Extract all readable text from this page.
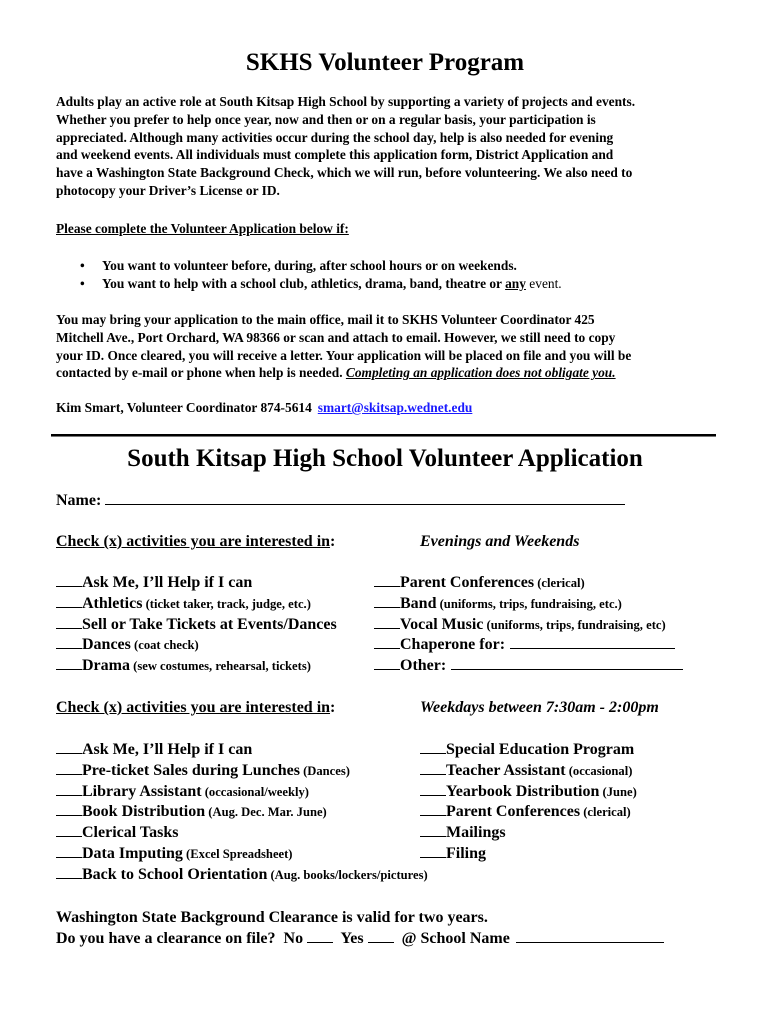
SKHS Volunteer Program

Adults play an active role at South Kitsap High School by supporting a variety of projects and events.

Whether you prefer to help once year, now and then or on a regular basis, your participation is

appreciated. Although many activities occur during the school day, help is also needed for evening

and weekend events. All individuals must complete this application form, District Application and

have a Washington State Background Check, which we will run, before volunteering. We also need to

photocopy your Driver’s License or ID.

Please complete the Volunteer Application below if:
• You want to volunteer before, during, after school hours or on weekends.
• You want to help with a school club, athletics, drama, band, theatre or any event.

You may bring your application to the main office, mail it to SKHS Volunteer Coordinator 425

Mitchell Ave., Port Orchard, WA 98366 or scan and attach to email. However, we still need to copy

your ID. Once cleared, you will receive a letter. Your application will be placed on file and you will be

contacted by e-mail or phone when help is needed. Completing an application does not obligate you.

Kim Smart, Volunteer Coordinator 874-5614 smart@skitsap.wednet.edu
South Kitsap High School Volunteer Application
Name:
Check (x) activities you are interested in:	Evenings and Weekends
Ask Me, I’ll Help if I can
Athletics (ticket taker, track, judge, etc.)
Sell or Take Tickets at Events/Dances
Dances (coat check)
Drama (sew costumes, rehearsal, tickets)
Parent Conferences (clerical)
Band (uniforms, trips, fundraising, etc.)
Vocal Music (uniforms, trips, fundraising, etc)
Chaperone for:
Other:
Check (x) activities you are interested in:	Weekdays between 7:30am - 2:00pm
Ask Me, I’ll Help if I can
Pre-ticket Sales during Lunches (Dances)
Library Assistant (occasional/weekly)
Book Distribution (Aug. Dec. Mar. June)
Clerical Tasks
Data Imputing (Excel Spreadsheet)
Back to School Orientation (Aug. books/lockers/pictures)
Special Education Program
Teacher Assistant (occasional)
Yearbook Distribution (June)
Parent Conferences (clerical)
Mailings
Filing
Washington State Background Clearance is valid for two years.
Do you have a clearance on file? No Yes @ School Name
